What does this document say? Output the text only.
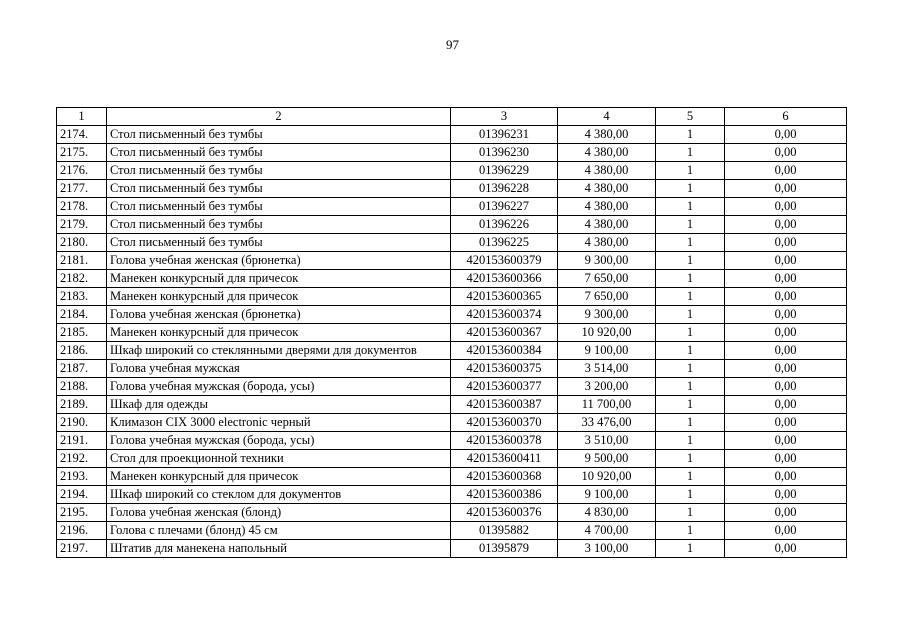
97
1	2	3	4	5	6
2174.	Стол письменный без тумбы	01396231	4 380,00	1	0,00
2175.	Стол письменный без тумбы	01396230	4 380,00	1	0,00
2176.	Стол письменный без тумбы	01396229	4 380,00	1	0,00
2177.	Стол письменный без тумбы	01396228	4 380,00	1	0,00
2178.	Стол письменный без тумбы	01396227	4 380,00	1	0,00
2179.	Стол письменный без тумбы	01396226	4 380,00	1	0,00
2180.	Стол письменный без тумбы	01396225	4 380,00	1	0,00
2181.	Голова учебная женская (брюнетка)	420153600379	9 300,00	1	0,00
2182.	Манекен конкурсный для причесок	420153600366	7 650,00	1	0,00
2183.	Манекен конкурсный для причесок	420153600365	7 650,00	1	0,00
2184.	Голова учебная женская (брюнетка)	420153600374	9 300,00	1	0,00
2185.	Манекен конкурсный для причесок	420153600367	10 920,00	1	0,00
2186.	Шкаф широкий со стеклянными дверями для документов	420153600384	9 100,00	1	0,00
2187.	Голова учебная мужская	420153600375	3 514,00	1	0,00
2188.	Голова учебная мужская (борода, усы)	420153600377	3 200,00	1	0,00
2189.	Шкаф для одежды	420153600387	11 700,00	1	0,00
2190.	Климазон CIX 3000 electronic черный	420153600370	33 476,00	1	0,00
2191.	Голова учебная мужская (борода, усы)	420153600378	3 510,00	1	0,00
2192.	Стол для проекционной техники	420153600411	9 500,00	1	0,00
2193.	Манекен конкурсный для причесок	420153600368	10 920,00	1	0,00
2194.	Шкаф широкий со стеклом для документов	420153600386	9 100,00	1	0,00
2195.	Голова учебная женская (блонд)	420153600376	4 830,00	1	0,00
2196.	Голова с плечами (блонд) 45 см	01395882	4 700,00	1	0,00
2197.	Штатив для манекена напольный	01395879	3 100,00	1	0,00
